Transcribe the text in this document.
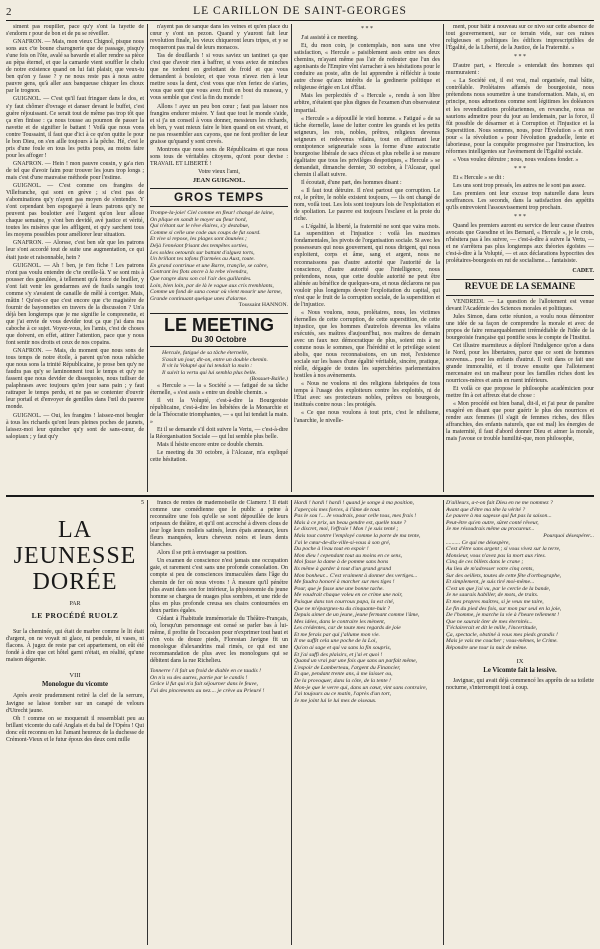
2	LE CARILLON DE SAINT-GEORGES

siment pas roupiller, pace qu'y s'ont la fayette de s'endorm r pour de bon et de pu se réveiller.

GNAFRON. — Mais, mon vieux Chignol, pisque nous sons aux c'te boune charognerie que de passage, pisqu'y s'une fois on l'ôte, avalé sa bavarde et aller rendre sa pièce au pèpa éternel, et que la camarde vient souffler le chelu de notre existence quand on lui fait plaisir, que veux-tu ben qu'on y fasse ? y ne nous reste pus à nous autre pauvre gens, qu'à aller aux banqueuse chiquer les choux par le trognon.

GUIGNOL. — C'est qu'il faut fringuer dans le dos, et s'y faut chômer d'ovrage et danser devant le buffet, c'est guère réjouissant. Ce serait tout de même pas trop tôt que ça n'en finisse : ça nous tousse au poumon de passer la navette et de signifier le battant ! Voilà que nous vons contre Toussaint, il faut que d'ici à ce qu'on quitte le pour le bon Dieu, on s'en aille toujours à la pêche. Hé, c'est le pris d'une foule en tous les petits pous, au moins faire pour les affoger !

GNAFRON. — Hein ! mon pauvre cousin, y ga'a rien de tel que d'avoir faim pour trouver les jours trop longs ; mais c'est d'une mauvaise méthode pour l'estime.

GUIGNOL. — C'est comme ces frangins de Villefranche, qui sont en grève ; si c'est pas de s'abominations qu'y n'ayent pas moyen de s'entendre. Y s'ont cependant ben espogueyé à leurs patrons qu'y ne peuvent pas boulotter avé l'argent qu'on leur alloue chaque semaine, y s'ont ben devidé, avé justice et vérité, toutes les misères que les affligent, et qu'y sarchent tous les moyens possibles pour améliorer leur situation.

GNAFRON. — Alorsse, c'est ben sûr que les patrons leur s'ont accordé tout de suite une augmentation, ce qui était juste et raisonnable, hein ?

GUIGNOL. — Ah ! ben, je t'en fiche ! Les patrons n'ont pas voulu entendre de c'te oreille-là. Y se sont mis à pousser des gueulées, à tellement qu'à force de brailler, y s'ont fait venir les gendarmes avé de fusils sangés tout comme s'y s'avaient de canaille de mêlé à corriger. Mais, mâtin ! Qu'est-ce que c'est encore que c'te magistère de fournir de bayonnettes en travers de la discussion ? Un'a déjà ben longtemps que je me signifie le comprenette, et que j'ai envie de vous devider tout ça que j'ai dans ma caboche à ce sujet. Voyez-vous, les l'amis, c'est de choses que doivent, en effet, attirer l'attention, pace que y nous font sentir nos droits et ceux de nos copains.

GNAFRON. — Mais, du moment que nous sons de tous temps de notre étoile, à parent qu'on nous rabâche que nous sons la trinité Républicaine, je prose ben qu'y ne faudra pas qu'y se laminonnent tout le temps et qu'y ne fassent que nous devider de dissequoies, nous tuiliser de palaphrases avec toujours qu'en jour sans pain ; y faut rattraper le temps perdu, et ne pas se contenter d'ouvrir leur portail et d'envoyer de gentilles dans l'œil du pauvre monde.

GUIGNOL. — Oui, les frangins ! laissez-moi beugler à tous les richards qu'ont leurs pleines poches de jaunets, laissez-moi leur quincher qu'y sont de sans-cœur, de salopiaux ; y faut qu'y

n'ayent pas de sanque dans les veines et qu'en place du cœur y s'ont un pezon. Quand y y'auront fait leur revolution finale, les vieux chiqueront leurs tripes, et y se moqueront pas mal de leurs monacos.

Tas de douillards ! si vous saviez un tantinet ça que c'est que d'avoir rien à baffrer, si vous aviez de minches que ne tordent en grelottant de froid et que vous demandent à bouloter, et que vous n'avez rien à leur mettre sous la dent, c'est vous que n'en feriez de s'aries, vous que sont que vous avez fruit en bout du museau, y vous semble que c'est la fin du monde !

Allons ! ayez un peu bon cœur ; faut pas laisser nos frangins endurer misère. Y faut que tout le monde s'aide, et si j'a un conseil à vous donner, messieurs les richards, eh ben, y vaut mieux faire le bien quand on est vivant, et ne pas ressembler aux cayons, que ne font profiter de leur graisse qu'quand y sont crevés.

Montrons que nous sons de Républicains et que nous sons tous de véritables citoyens, qu'ont pour devise : TRAVAIL ET LIBERTÉ !

Votre vieux l'ami,

JEAN GUIGNOL.

GROS TEMPS

Trompe-la-joie! Ciel comme en fleur! changé de laine,

On plique en sandt le moyer au fleur hord,

Qui n'étant sur le rêve élaires, s'y destabue,

Comme si celle une code aux coups de fut sourd.

Et vive si repose, les plages sont ânunées ;

Déjà l'ennéant frisant des tempêtes sorties,

Les soldes oetourds sur battant d'alguez torts,

Un brillant tes tafons fl'armées au Aust, toute.

En grand contrinue et une Barre, trançile, se cabre,

Contrant les flots ancre à la rebe vivendra,

Que rangre dans son col l'air des guillardes.

Loin, bien loin, par de là le vague aux cris tremblants,

Comme un fond de sana coeur où vient mourir une larme,

Grande continuant quelque unes d'alarme.

Toussaint HANNON.

LE MEETING
Du 30 Octobre

Hercule, fatigué de sa tâche éternelle,

S'assit un jour, dit-on, entre un double chemin.

Il vit la Volupté qui lui tendait la main :

Il suivit la vertu qui lui sembla plus belle.

(Bossuet-Baille.)

« Hercule » — la « Société » — fatigué de sa tâche éternelle, « s'est assis » entre un double chemin. »

Il vit la Volupté, c'est-à-dire la Bourgeoisie républicaine, c'est-à-dire les hébétées de la Monarchie et de la Théocratie triomphantes, — « qui lui tendait la main. »

Et il se demande s'il doit suivre la Vertu, — c'est-à-dire la Réorganisation Sociale — qui lui semble plus belle.

Mais il hésite encore entre ce double chemin.

Le meeting du 30 octobre, à l'Alcazar, m'a expliqué cette hésitation.

* * *

J'ai assisté à ce meeting.

Et, du mon coin, je contemplais, non sans une vive satisfaction, « Hercule » paisiblement assis entre ses deux chemins, m'ayant même pas l'air de redouter que l'un des agonisants de l'Empire vînt s'arracher à ses hésitations pour le conduire au poste, afin de lui apprendre à réfléchir à toute autre chose qu'aux intérêts de la gredinerie politique et religieuse érigée en Loi d'État.

Mais les perplexités d' « Hercule », rendu à son libre arbitre, n'étaient que plus dignes de l'examen d'un observateur impartial.

« Hercule » a dépouillé le vieil homme. « Fatigué » de sa tâche éternelle, lasse de lutter contre les grands et les petits seigneurs, les rois, nobles, prêtres, religieux devenus seigneurs et redevenus vilains, tout en affirmant leur omnipotence seigneuriale sous la forme d'une autocratie bourgeoise libérale de sacs d'écus et plus rebelle à se mesure égalitaire que tous les privilèges despotiques, « Hercule » se demandait, dimanche dernier, 30 octobre, à l'Alcazar, quel chemin il allait suivre.

Il écoutait, d'une part, des hommes disant :

« Il faut tout détruire. Il n'est partout que corruption. Le roi, le prêtre, le noble existent toujours, — ils ont changé de nom, voilà tout. Les lois sont toujours lois de l'exploitation et de spoliation. Le pauvre est toujours l'esclave et la proie du riche.

« L'égalité, la liberté, la fraternité ne sont que vains mots. La superstition et l'injustice : voilà les maximes fondamentales, les pivots de l'organisation sociale. Si avec les possesseurs qui nous gouvernent, qui nous dirigent, qui nous exploitent, corps et âme, sang et argent, nous ne reconnaissons pas d'autre autorité que l'autorité de la conscience, d'autre autorité que l'intelligence, nous prétendons, nous, que cette double autorité ne peut être aliénée au bénéfice de quelques-uns, et nous déclarons ne pas vouloir plus longtemps devoir l'exploitation du capital, qui n'est que le fruit de la corruption sociale, de la superstition et de l'injustice.

« Nous voulons, nous, prolétaires, nous, les victimes éternelles de cette corruption, de cette superstition, de cette injustice, que les hommes d'autrefois devenus les vilains exécutés, ses maîtres d'aujourd'hui, nos maîtres de demain avec un faux nez démocratique de plus, soient mis à ne comme nous le sommes, que l'hérédité et le privilège soient abolis, que nous reconnaissions, en un mot, l'existence sociale sur les bases d'une égalité véritable, sincère, pratique, réelle, dégagée de toutes les superchéries parlementaires hostiles à nos avènements.

« Nous ne voulons ni des religions fabriquées de tous temps à l'usage des exploiteurs contre les exploités, ni de l'État avec ses protecteurs nobles, prêtres ou bourgeois, institués contre nous : les protégés.

« Ce que nous voulons à tout prix, c'est le nihilisme, l'anarchie, le nivelle-

ment, pour bâtir à nouveau sur ce nivo sur cette absence de tout gouvernement, sur ce terrain vide, sur ces ruines religieuses et politiques les édifices imprescriptibles de l'Égalité, de la Liberté, de la Justice, de la Fraternité. »

* * *

D'autre part, « Hercule » entendait des hommes qui murmuraient :

« La Société est, il est vrai, mal organisée, mal bâtie, contrôlable. Prolétaires affamés de bourgeoisie, nous prétendons nous soumettre à une transformation. Mais, si, en principe, nous admettons comme sont légitimes les doléances et les revendications prolétariennes, en revanche, nous ne saurions admettre pour du jour au lendemain, par la force, il fût possible de désarmer et à Corruption et l'Injustice et la Superstition. Nous sommes, nous, pour l'Évolution » et non pour « la révolution » pour l'évolution graduelle, lente et laborieuse, pour la conquête progressive par l'instruction, les réformes intelligentes sur l'avènement de l'Égalité sociale.

« Vous voulez détruire ; nous, nous voulons fonder. »

* * *

Et « Hercule » se dit :

Les uns sont trop pressés, les autres ne le sont pas assez.

Les premiers ont leur excuse trop naturelle dans leurs souffrances. Les seconds, dans la satisfaction des appétits qu'ils entrevoient l'assouvissement trop prochain.

* * *

Quand les premiers auront eu service de leur cause d'autres avocats que Guesdine et les Bernard, « Hercule », je le crois, n'hésitera pas à les suivre, — c'est-à-dire à suivre la Vertu, — et ne s'arrêtera pas plus longtemps aux théories égoïstes — c'est-à-dire à la Volupté, — et aux déclarations hypocrites des prolétaires-bourgeois en rut de socialisme.... fantaisiste.

CADET.

REVUE DE LA SEMAINE

VENDREDI. — La question de l'allotement est venue devant l'Académie des Sciences morales et politiques.

Jules Simon, dans cette réunion, a voulu nous démontrer une idée de sa façon de comprendre la morale et avec de propos de faire remarquablement irrémédiable de l'idée de la bourgeoisie française qui pontifie sous le compte de l'Institut.

Cet illustre marmiteux a déploré l'indulgence qu'on a dans le Nord, pour les libertaires, parce que ce sont de hommes souvenus... pour les enfants d'autrui. Il voit dans ce fait une grande immoralité, et il trouve ensuite que l'allotement mercenaire est un malheur pour les familles riches dont les nourrices-mères et amis en ruent inférieurs.

Et voilà ce que propose le philosophe académicien pour mettre fin à cet affreux état de chose :

« Mon procédé est bien banal, dit-il, et j'ai peur de paraître exagéré en disant que pour guérir le plus des nourrices et rendre aux femmes (il s'agit de femmes riches, des filles affranchies, des enfants naturels, que est mal) les énergies de la maternité, il faut d'abord donner Dieu et aimer la morale, mais j'avoue ce trouble humilité-que, mon philosophe,

5

LA JEUNESSE DORÉE

PAR

LE PROCÉDÉ RUOLZ

Sur la cheminée, qui était de marbre comme le lit était d'argent, on ne voyait ni glace, ni pendule, ni vases, ni flacons. À jugez de reste par cet appartement, on eût été fondé à dire que cet hôtel garni n'était, en réalité, qu'une maison dégarnie.

VIII

Monologue du vicomte

Après avoir prudemment retiré la clef de la serrure, Javigne se laisse tomber sur un canapé de velours d'Utrecht jaune.

Oh ! comme on se moquerait il ressemblait peu au brillant vicomte du café Anglais et du bal de l'Opéra ! Qui donc eût reconnu en lui l'amant heureux de la duchesse de Crémont-Vieux et le futur époux des deux cent mille

francs de rentes de mademoiselle de Clamerz ! Il était comme une comédienne que le public a peine à reconnaître une fois qu'elle se sont dépouillée de leurs oripeaux de théâtre, et qu'il ont accroché à divers clous de leur loge leurs molleis satinés, leurs épais anneaux, leurs fleurs manquées, leurs cheveux noirs et leurs dents blanches.

Alors il se prit à envisager sa position.

Un examen de conscience n'est jamais une occupation gaie, et rarement c'est sans une profonde consolation. On compte si peu de consciences immaculées dans l'âge du chemin de fer où nous vivons ! À mesure qu'il pénétre plus avant dans son for intérieur, la physionomie du jeune homme se chargea de nuages plus sombres, et une ride de plus en plus profonde creusa ses chairs contournées en deux parties égales.

Cédant à l'habitude immémoriale du Théâtre-Français, où, lorsqu'un personnage est censé se parler bas à lui-même, il profite de l'occasion pour n'exprimer tout haut et n'en vois de douze pieds, Florestan Javigne fit un monologue d'alexandrins mal rimés, ce qui est une recommandation de plus avec les monologues qui se débitent dans la rue Richelieu.

Tonnerre ! il fait un froid de diable en ce taudis !

On n'a vu des autres, partie par le candis !

Grâce il fut qui n'a fait séjourner dans le feuve,

J'ai des pincements au nez.... je crève au Prieuré !

Hardi ! hardi ! hardi ! quand je songe à ma position,

J'aperçois mes forces, à l'âme de tout.

Pas le sou !... Je voudrais, pour celle tous, mes frais !

Mais à ce prix, un beau gendre est, quelle toute ?

Le discret, moi, l'effraie ! Mon ! je suis tenté ;

Mais tout contre l'employé comme la porte de ma tente,

J'ai le cœur-de-dix-ville-si-vous à son gré,

Du poche à l'eau tout en espoir !

Mon dieu ! cependant tout au moins en ce sens,

Moi fasse la dame à de pomme sans bons

Ils même à garder à tout d'un grand grand

Mon bonheur... C'est vraiment à donner des vertiges...

Me faudra honoré à marcher sur mes tiges !

Pour, que je fasse une une bonne tache.

Me voudrait chaque voleu en ce crime une noir,

Puisque dans ton courroux papa, la est cité,

Que ne m'épargnes-tu du cinquante-huit ?

Depuis aimer de un jeune, jeune fermant comme l'âme,

Mes idées, dans le contraire les mènent,

Les crédentes, car de toute mes regards de joie

Et me ferais par qui j'allume mon vie.

Il me suffit cela une poche de la Loi,

Qu'on ai sage et qui va sans la fin soupris,

Et j'ai suffi des plaisirs, et j'ai et quoi !

Quand un vrai par une fois que sans un parfait même,

L'espoir de Lamberteau, l'argent du Financier,

Et que, pendant trente ans, à me laisser ou,

De la provoquer, dans la côte, de la tente !

Mon-je que le verre qui, dans un cœur, vint sans contraire,

J'ai toujours au ce matin, l'après d'un tort,

Je me joint lui le lui mes de oiseaux.

D'ailleurs, a-t-on fait Dieu en ne me nommez ?

Avant que d'être ma tête la vérité ?

Le pauvre à ma sagesse qui fut pas la saison...

Peut-être qu'en outre, sûret conté rêveur,

Je me résoudrais même au procureur...

Pourquoi désespérer...

.......... Ce qui me désespère,

C'est d'être sans argent ; si vous vivez sur la terre,

Monsieur, vous n'avez pas la mort aux rites.

Cinq de ces billets dans le crane ;

Au lieu de m'adresser votre cinq cents,

Sur des oeillets, toutes de cette fête d'orthographe,

Et simplement, je suis tiré moi-même...

C'est un que j'ai vu, par le cercle de la bande,

Je ne saurais habiller, de mots, de traits.

Et mes propres maîtres, si je veux me taire,

Le fin du pied des fois, sur mon pur seul en la joie,

De l'homme, je marche la vie à l'heure tellement !

Que ne saurait ôter de mes éternités...

T'éclairerait et dit le mille, l'incertitude,

Ça, spectacle, obstiné à vous mes pieds grandis !

Mais je vais me coucher ; vous-mêmes, le Crime.

Répondre une tour la nuit de même.

IX

Le Vicomte fait la lessive.

Javignac, qui avait déjà commencé les apprêts de sa toilette nocturne, s'interrompit tout à coup.
